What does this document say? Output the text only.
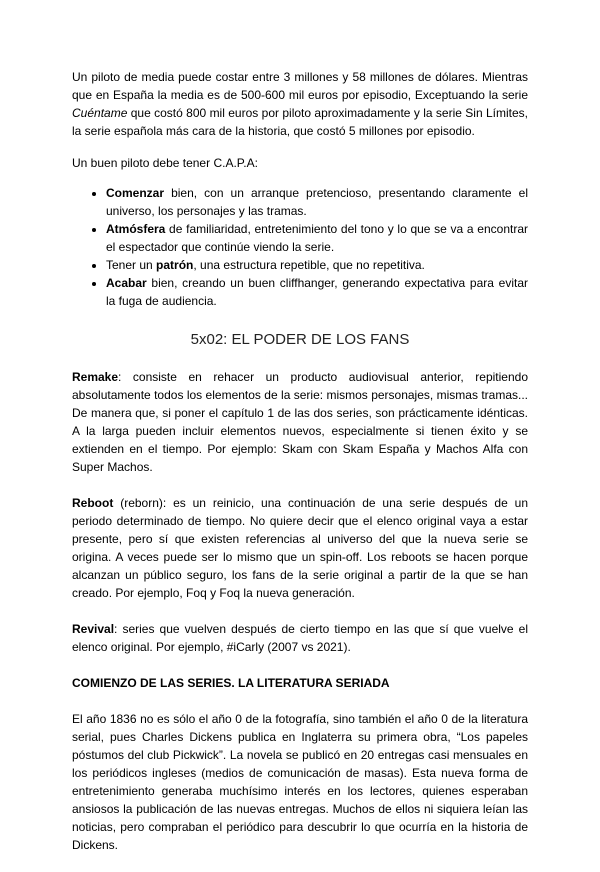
Un piloto de media puede costar entre 3 millones y 58 millones de dólares. Mientras que en España la media es de 500-600 mil euros por episodio, Exceptuando la serie Cuéntame que costó 800 mil euros por piloto aproximadamente y la serie Sin Límites, la serie española más cara de la historia, que costó 5 millones por episodio.

Un buen piloto debe tener C.A.P.A:

• Comenzar bien, con un arranque pretencioso, presentando claramente el universo, los personajes y las tramas.
• Atmósfera de familiaridad, entretenimiento del tono y lo que se va a encontrar el espectador que continúe viendo la serie.
• Tener un patrón, una estructura repetible, que no repetitiva.
• Acabar bien, creando un buen cliffhanger, generando expectativa para evitar la fuga de audiencia.
5x02: EL PODER DE LOS FANS

Remake: consiste en rehacer un producto audiovisual anterior, repitiendo absolutamente todos los elementos de la serie: mismos personajes, mismas tramas... De manera que, si poner el capítulo 1 de las dos series, son prácticamente idénticas. A la larga pueden incluir elementos nuevos, especialmente si tienen éxito y se extienden en el tiempo. Por ejemplo: Skam con Skam España y Machos Alfa con Super Machos.

Reboot (reborn): es un reinicio, una continuación de una serie después de un periodo determinado de tiempo. No quiere decir que el elenco original vaya a estar presente, pero sí que existen referencias al universo del que la nueva serie se origina. A veces puede ser lo mismo que un spin-off. Los reboots se hacen porque alcanzan un público seguro, los fans de la serie original a partir de la que se han creado. Por ejemplo, Foq y Foq la nueva generación.

Revival: series que vuelven después de cierto tiempo en las que sí que vuelve el elenco original. Por ejemplo, #iCarly (2007 vs 2021).

COMIENZO DE LAS SERIES. LA LITERATURA SERIADA

El año 1836 no es sólo el año 0 de la fotografía, sino también el año 0 de la literatura serial, pues Charles Dickens publica en Inglaterra su primera obra, “Los papeles póstumos del club Pickwick”. La novela se publicó en 20 entregas casi mensuales en los periódicos ingleses (medios de comunicación de masas). Esta nueva forma de entretenimiento generaba muchísimo interés en los lectores, quienes esperaban ansiosos la publicación de las nuevas entregas. Muchos de ellos ni siquiera leían las noticias, pero compraban el periódico para descubrir lo que ocurría en la historia de Dickens.
